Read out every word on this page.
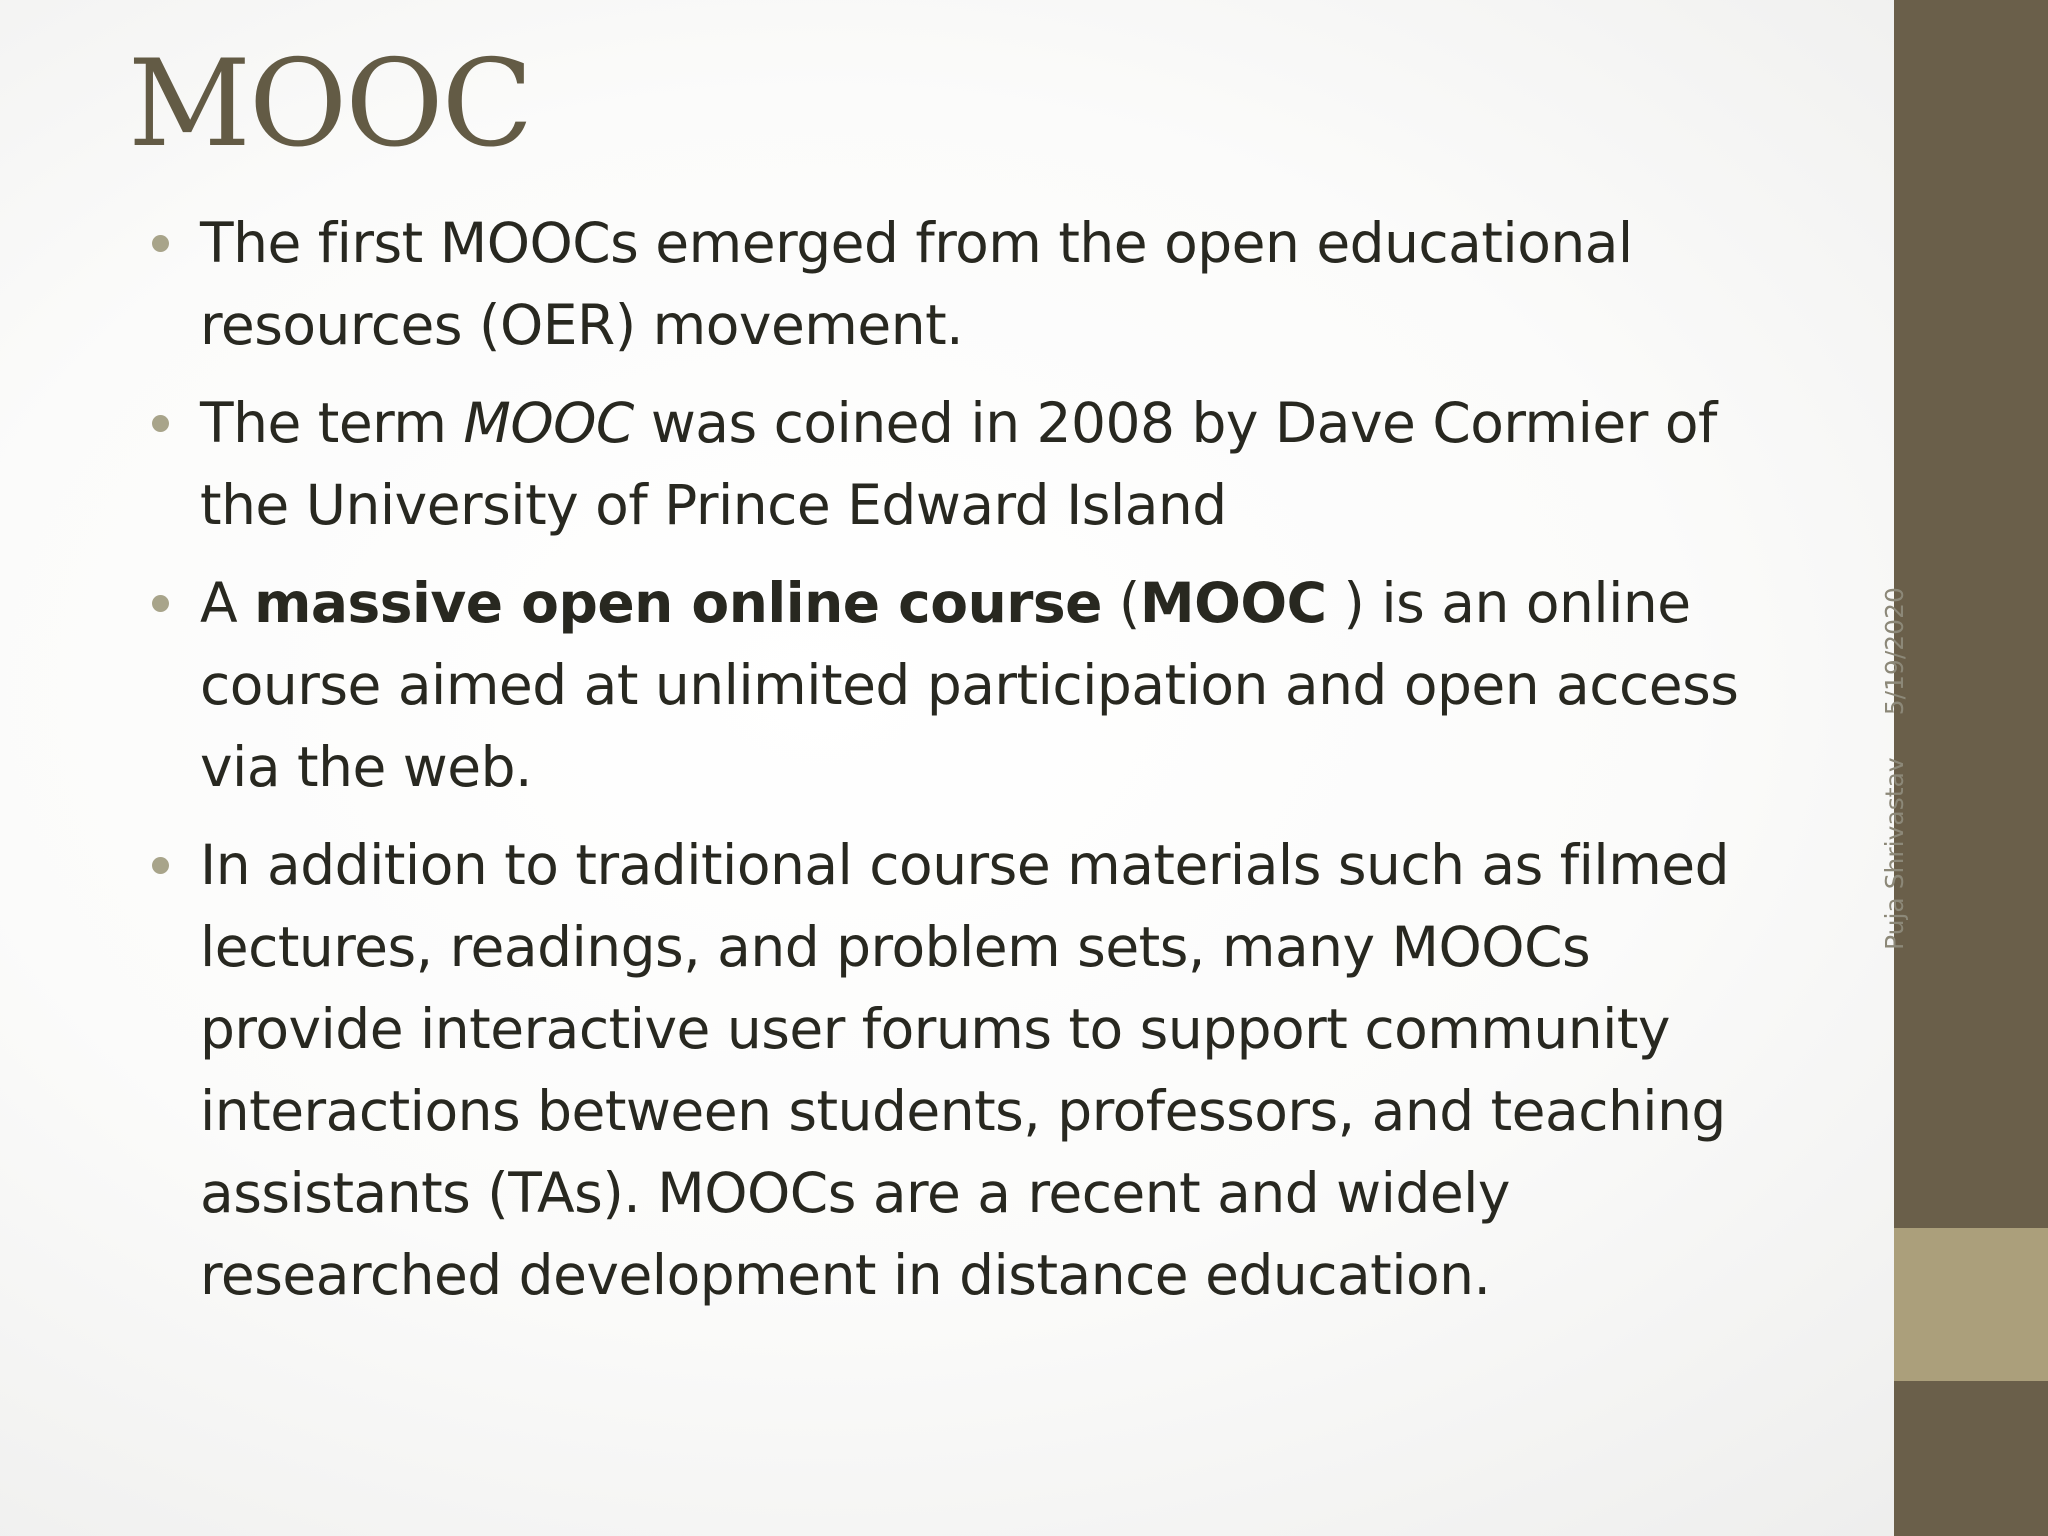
MOOC
The first MOOCs emerged from the open educational resources (OER) movement.
The term MOOC was coined in 2008 by Dave Cormier of the University of Prince Edward Island
A massive open online course (MOOC ) is an online course aimed at unlimited participation and open access via the web.
In addition to traditional course materials such as filmed lectures, readings, and problem sets, many MOOCs provide interactive user forums to support community interactions between students, professors, and teaching assistants (TAs). MOOCs are a recent and widely researched development in distance education.
Puja Shrivastav5/19/2020
